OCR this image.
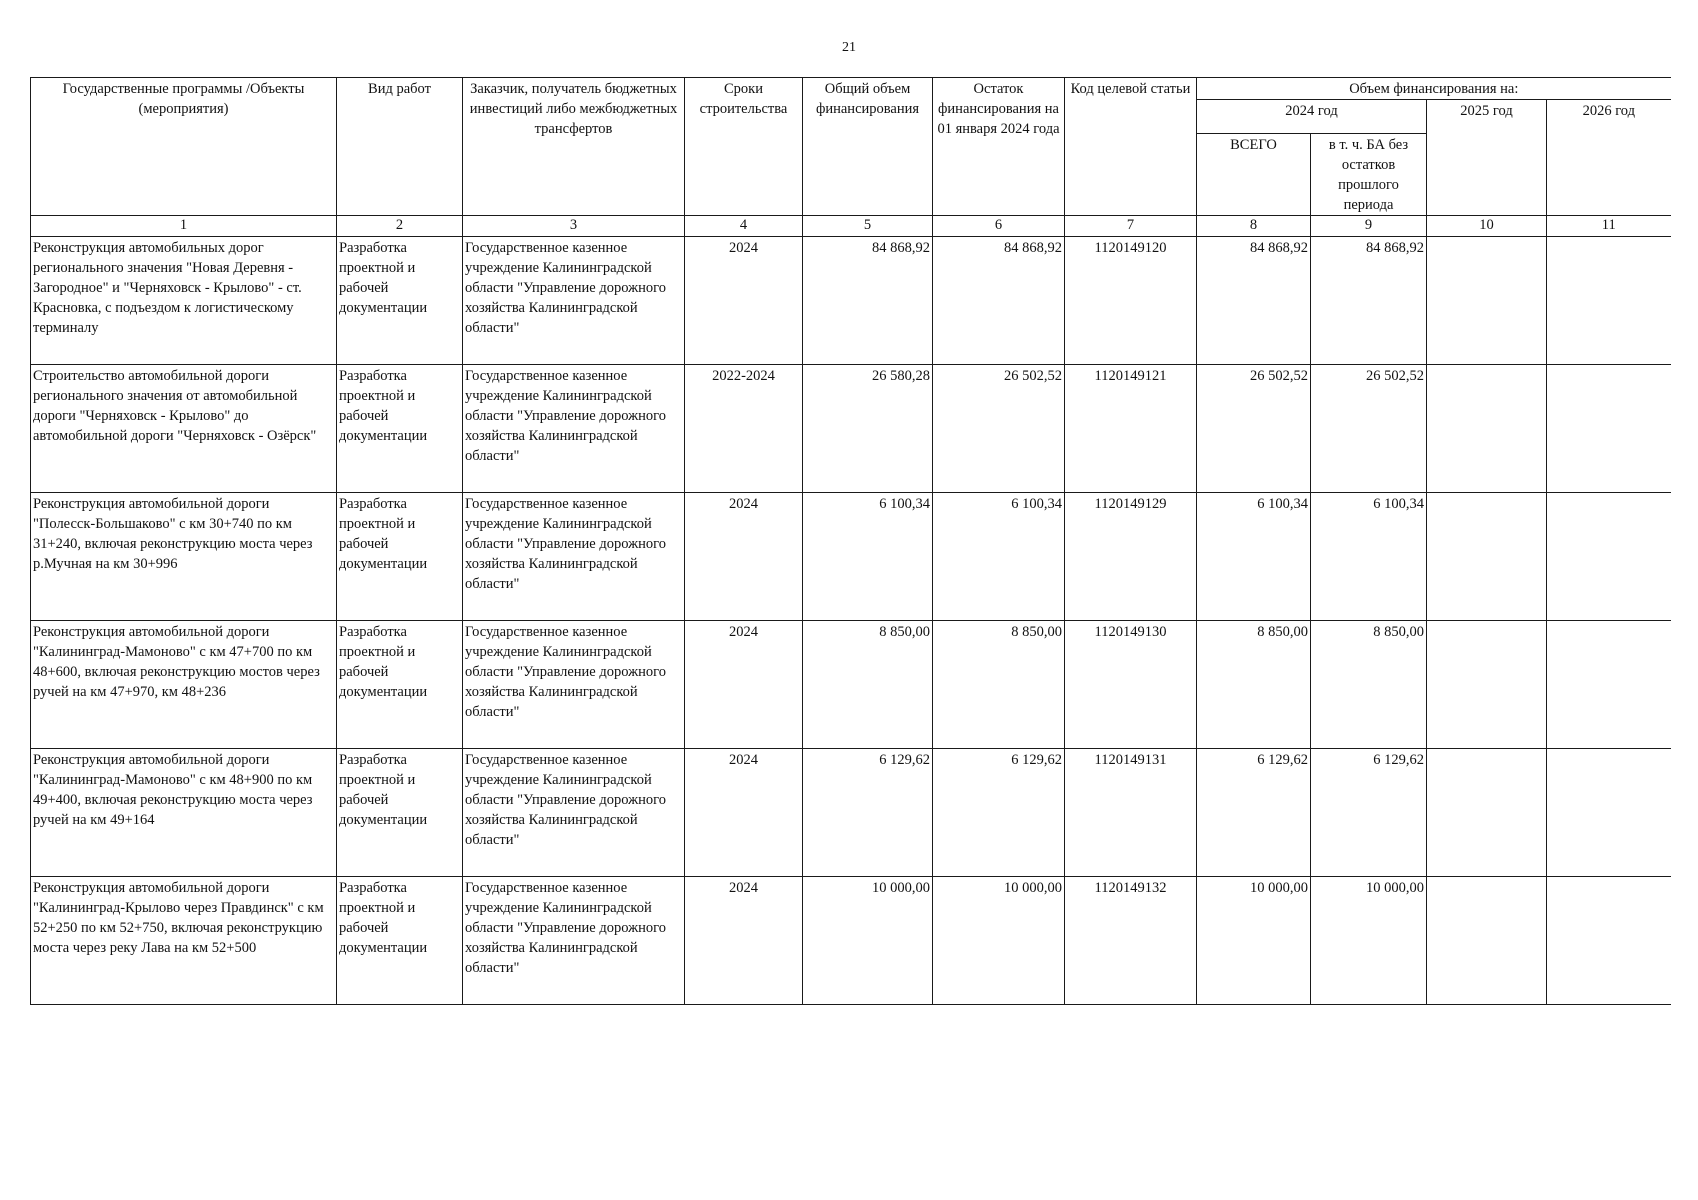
21
Государственные программы /Объекты (мероприятия)	Вид работ	Заказчик, получатель бюджетных инвестиций либо межбюджетных трансфертов	Сроки строительства	Общий объем финансирования	Остаток финансирования на 01 января 2024 года	Код целевой статьи	Объем финансирования на:			
							2024 год		2025 год	2026 год
							ВСЕГО	в т. ч. БА без остатков прошлого периода		
1	2	3	4	5	6	7	8	9	10	11
Реконструкция автомобильных дорог регионального значения "Новая Деревня - Загородное" и "Черняховск - Крылово" - ст. Красновка, с подъездом к логистическому терминалу	Разработка проектной и рабочей документации	Государственное казенное учреждение Калининградской области "Управление дорожного хозяйства Калининградской области"	2024	84 868,92	84 868,92	1120149120	84 868,92	84 868,92		
Строительство автомобильной дороги регионального значения от автомобильной дороги "Черняховск - Крылово" до автомобильной дороги "Черняховск - Озёрск"	Разработка проектной и рабочей документации	Государственное казенное учреждение Калининградской области "Управление дорожного хозяйства Калининградской области"	2022-2024	26 580,28	26 502,52	1120149121	26 502,52	26 502,52		
Реконструкция автомобильной дороги "Полесск-Большаково" с км 30+740 по км 31+240, включая реконструкцию моста через р.Мучная на км 30+996	Разработка проектной и рабочей документации	Государственное казенное учреждение Калининградской области "Управление дорожного хозяйства Калининградской области"	2024	6 100,34	6 100,34	1120149129	6 100,34	6 100,34		
Реконструкция автомобильной дороги "Калининград-Мамоново" с км 47+700 по км 48+600, включая реконструкцию мостов через ручей на км 47+970, км 48+236	Разработка проектной и рабочей документации	Государственное казенное учреждение Калининградской области "Управление дорожного хозяйства Калининградской области"	2024	8 850,00	8 850,00	1120149130	8 850,00	8 850,00		
Реконструкция автомобильной дороги "Калининград-Мамоново" с км 48+900 по км 49+400, включая реконструкцию моста через ручей на км 49+164	Разработка проектной и рабочей документации	Государственное казенное учреждение Калининградской области "Управление дорожного хозяйства Калининградской области"	2024	6 129,62	6 129,62	1120149131	6 129,62	6 129,62		
Реконструкция автомобильной дороги "Калининград-Крылово через Правдинск" с км 52+250 по км 52+750, включая реконструкцию моста через реку Лава на км 52+500	Разработка проектной и рабочей документации	Государственное казенное учреждение Калининградской области "Управление дорожного хозяйства Калининградской области"	2024	10 000,00	10 000,00	1120149132	10 000,00	10 000,00		
